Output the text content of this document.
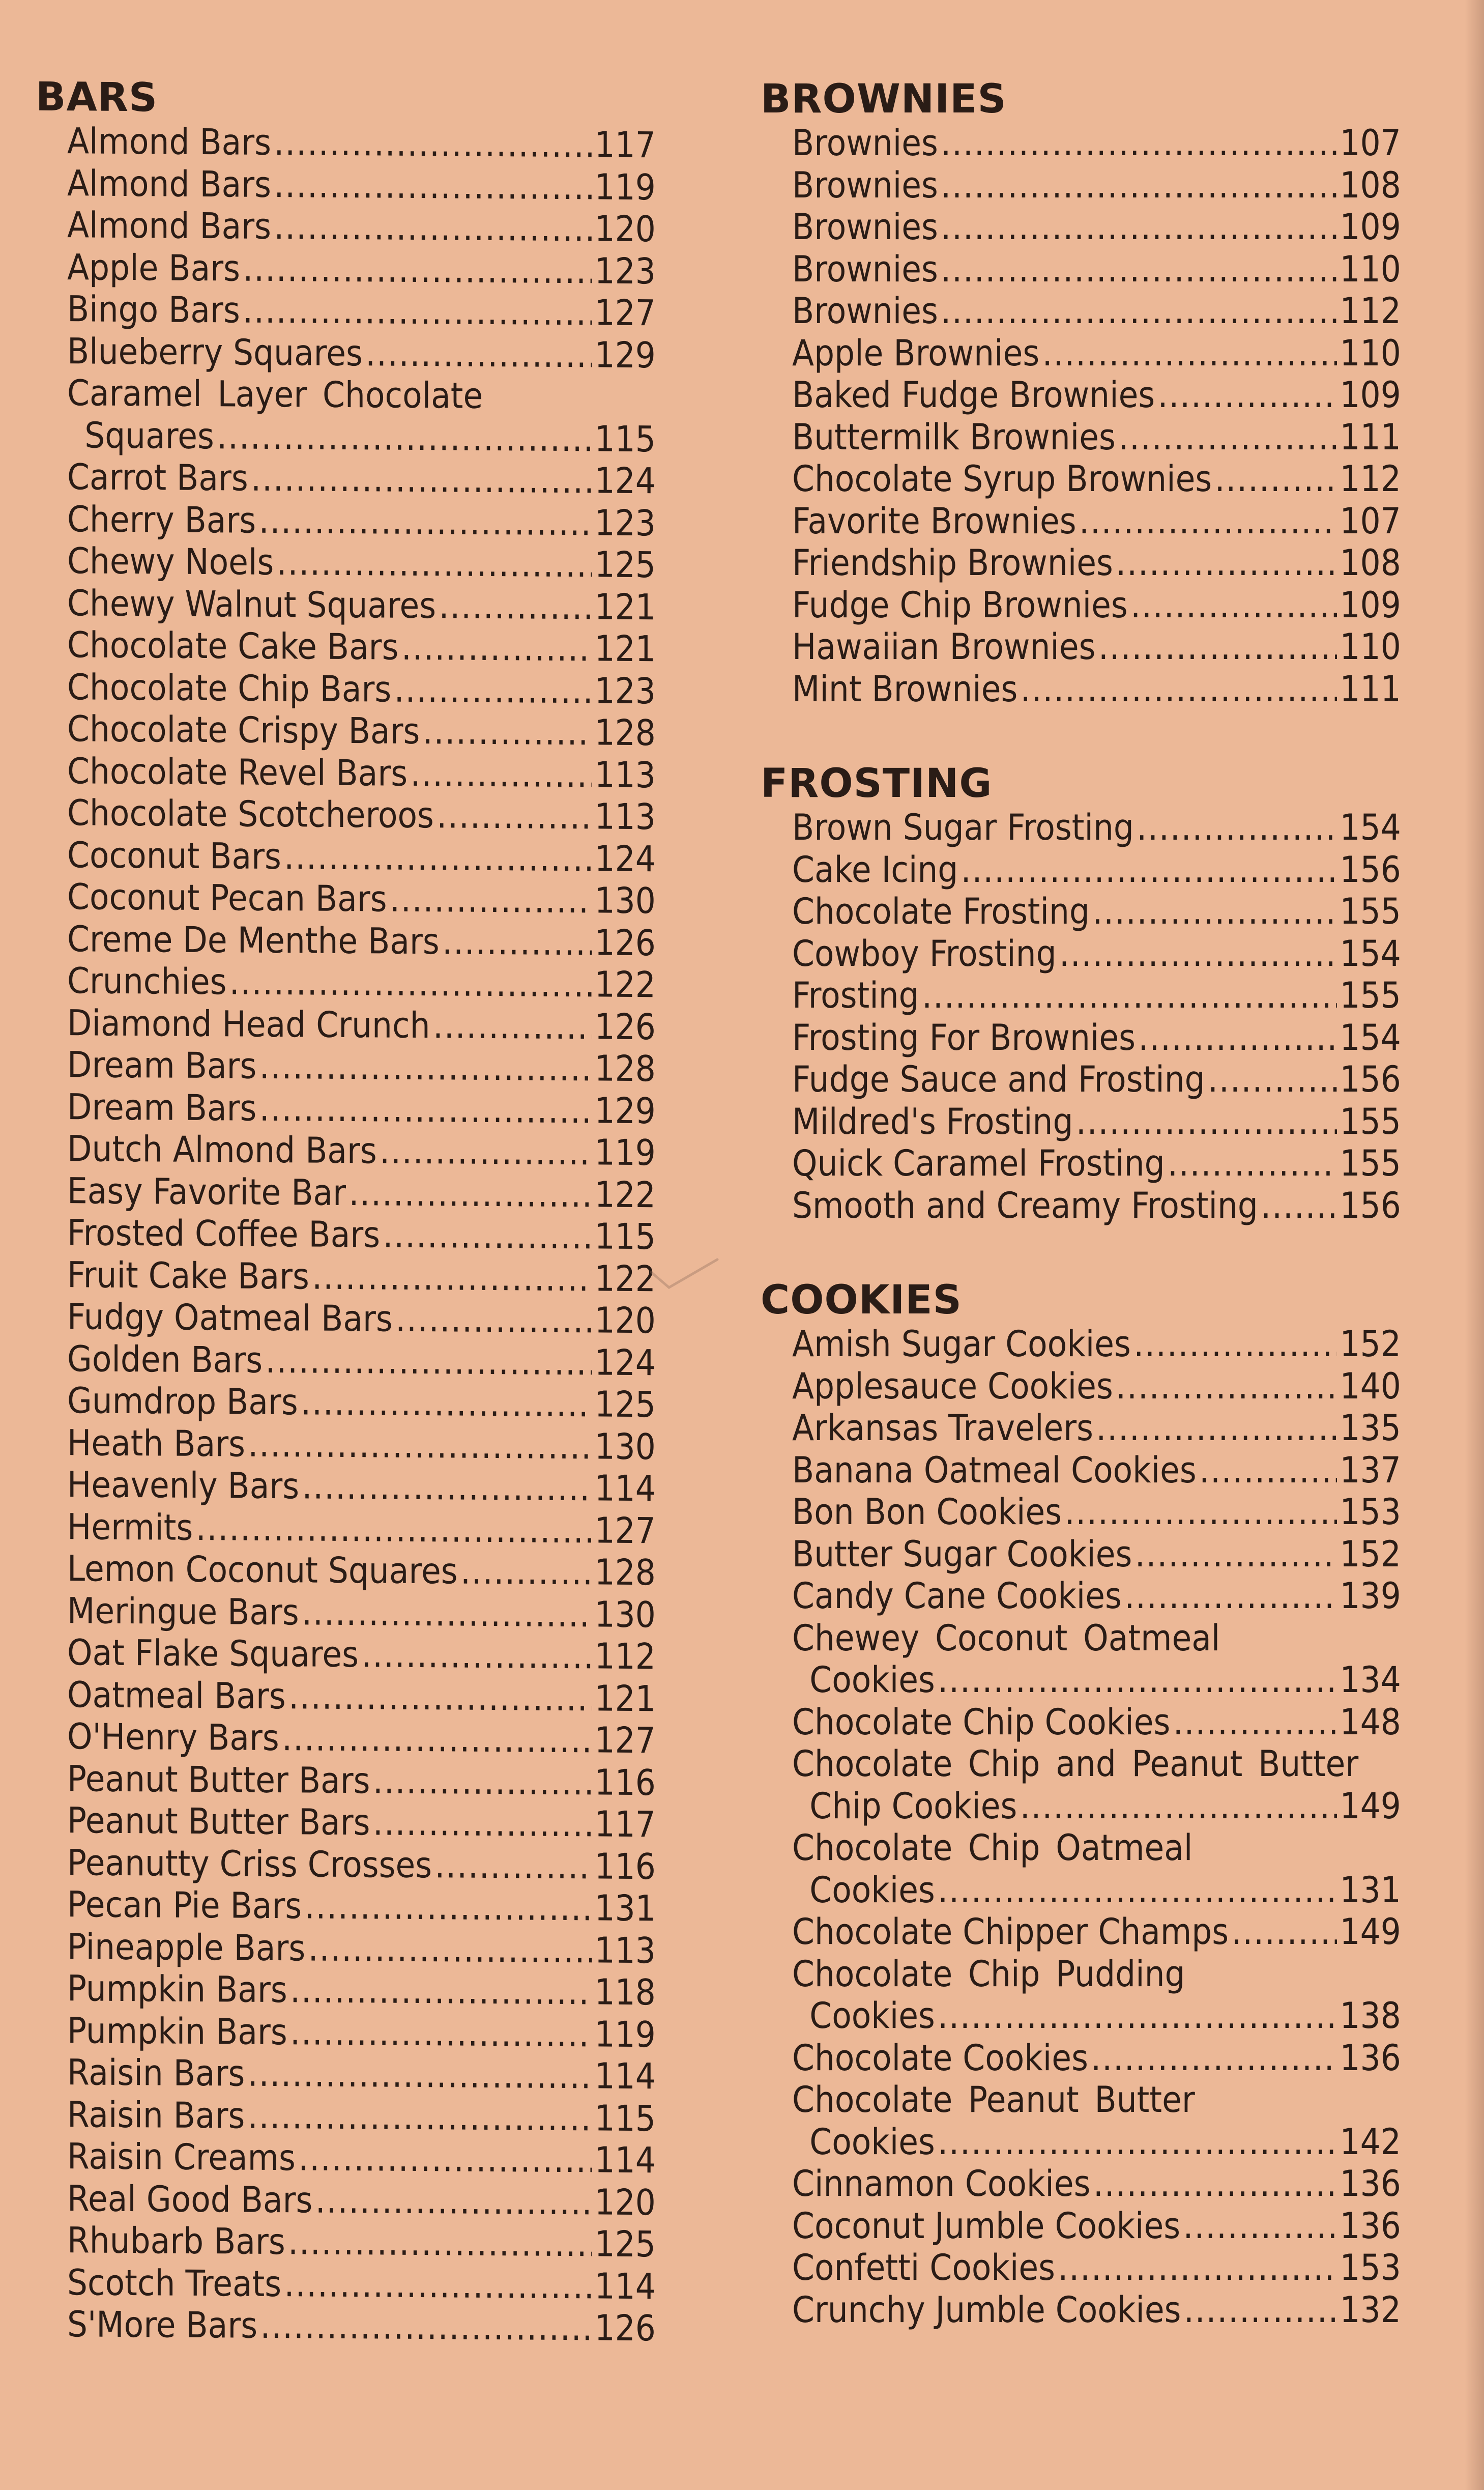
BARS
Almond Bars .....	117
Almond Bars .....	119
Almond Bars .....	120
Apple Bars .....	123
Bingo Bars .....	127
Blueberry Squares .....	129
Caramel Layer Chocolate
Squares .....	115
Carrot Bars .....	124
Cherry Bars .....	123
Chewy Noels .....	125
Chewy Walnut Squares .....	121
Chocolate Cake Bars .....	121
Chocolate Chip Bars .....	123
Chocolate Crispy Bars .....	128
Chocolate Revel Bars .....	113
Chocolate Scotcheroos .....	113
Coconut Bars .....	124
Coconut Pecan Bars .....	130
Creme De Menthe Bars .....	126
Crunchies .....	122
Diamond Head Crunch .....	126
Dream Bars .....	128
Dream Bars .....	129
Dutch Almond Bars .....	119
Easy Favorite Bar .....	122
Frosted Coffee Bars .....	115
Fruit Cake Bars .....	122
Fudgy Oatmeal Bars .....	120
Golden Bars .....	124
Gumdrop Bars .....	125
Heath Bars .....	130
Heavenly Bars .....	114
Hermits .....	127
Lemon Coconut Squares .....	128
Meringue Bars .....	130
Oat Flake Squares .....	112
Oatmeal Bars .....	121
O'Henry Bars .....	127
Peanut Butter Bars .....	116
Peanut Butter Bars .....	117
Peanutty Criss Crosses .....	116
Pecan Pie Bars .....	131
Pineapple Bars .....	113
Pumpkin Bars .....	118
Pumpkin Bars .....	119
Raisin Bars .....	114
Raisin Bars .....	115
Raisin Creams .....	114
Real Good Bars .....	120
Rhubarb Bars .....	125
Scotch Treats .....	114
S'More Bars .....	126
BROWNIES
Brownies .....	107
Brownies .....	108
Brownies .....	109
Brownies .....	110
Brownies .....	112
Apple Brownies .....	110
Baked Fudge Brownies .....	109
Buttermilk Brownies .....	111
Chocolate Syrup Brownies .....	112
Favorite Brownies .....	107
Friendship Brownies .....	108
Fudge Chip Brownies .....	109
Hawaiian Brownies .....	110
Mint Brownies .....	111
FROSTING
Brown Sugar Frosting .....	154
Cake Icing .....	156
Chocolate Frosting .....	155
Cowboy Frosting .....	154
Frosting .....	155
Frosting For Brownies .....	154
Fudge Sauce and Frosting .....	156
Mildred's Frosting .....	155
Quick Caramel Frosting .....	155
Smooth and Creamy Frosting ..... 156
COOKIES
Amish Sugar Cookies .....	152
Applesauce Cookies .....	140
Arkansas Travelers .....	135
Banana Oatmeal Cookies .....	137
Bon Bon Cookies .....	153
Butter Sugar Cookies .....	152
Candy Cane Cookies .....	139
Chewey Coconut Oatmeal
Cookies .....	134
Chocolate Chip Cookies .....	148
Chocolate Chip and Peanut Butter
Chip Cookies .....	149
Chocolate Chip Oatmeal
Cookies .....	131
Chocolate Chipper Champs .....	149
Chocolate Chip Pudding
Cookies .....	138
Chocolate Cookies .....	136
Chocolate Peanut Butter
Cookies .....	142
Cinnamon Cookies .....	136
Coconut Jumble Cookies .....	136
Confetti Cookies .....	153
Crunchy Jumble Cookies .....	132
